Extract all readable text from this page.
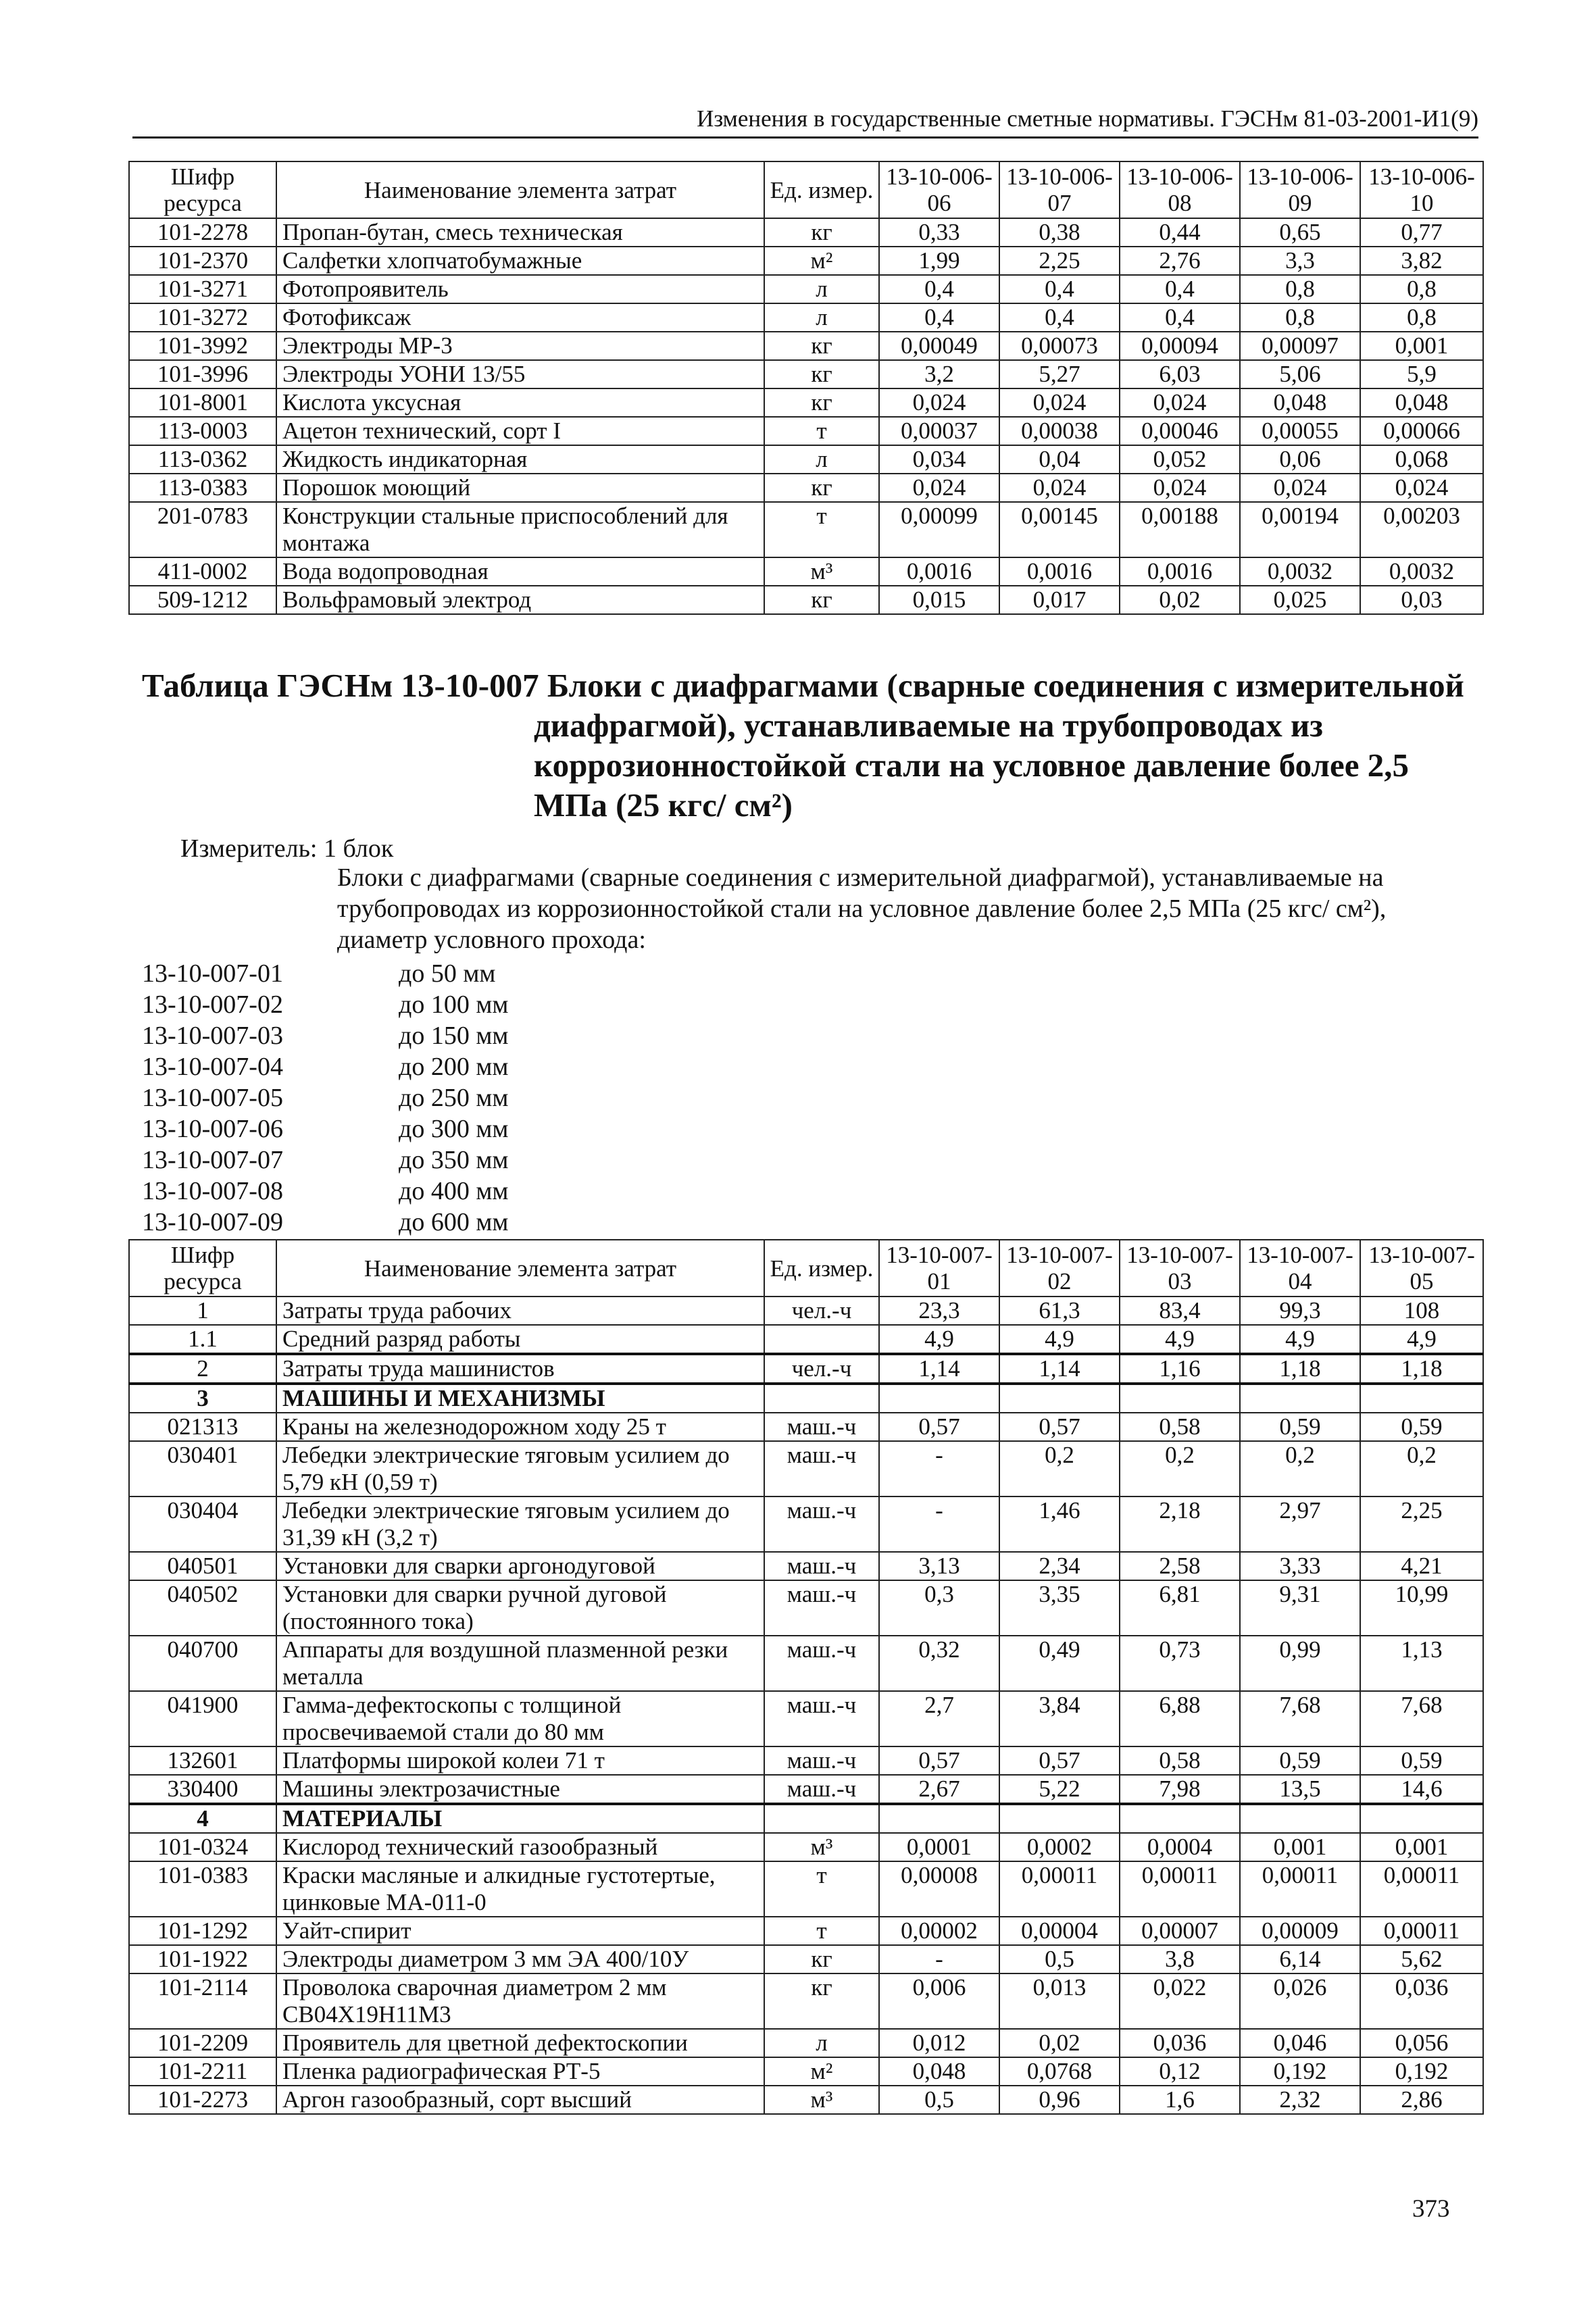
Изменения в государственные сметные нормативы. ГЭСНм 81-03-2001-И1(9)
Шифр ресурса	Наименование элемента затрат	Ед. измер.	13-10-006-06	13-10-006-07	13-10-006-08	13-10-006-09	13-10-006-10
101-2278	Пропан-бутан, смесь техническая	кг	0,33	0,38	0,44	0,65	0,77
101-2370	Салфетки хлопчатобумажные	м²	1,99	2,25	2,76	3,3	3,82
101-3271	Фотопроявитель	л	0,4	0,4	0,4	0,8	0,8
101-3272	Фотофиксаж	л	0,4	0,4	0,4	0,8	0,8
101-3992	Электроды МР-3	кг	0,00049	0,00073	0,00094	0,00097	0,001
101-3996	Электроды УОНИ 13/55	кг	3,2	5,27	6,03	5,06	5,9
101-8001	Кислота уксусная	кг	0,024	0,024	0,024	0,048	0,048
113-0003	Ацетон технический, сорт I	т	0,00037	0,00038	0,00046	0,00055	0,00066
113-0362	Жидкость индикаторная	л	0,034	0,04	0,052	0,06	0,068
113-0383	Порошок моющий	кг	0,024	0,024	0,024	0,024	0,024
201-0783	Конструкции стальные приспособлений для монтажа	т	0,00099	0,00145	0,00188	0,00194	0,00203
411-0002	Вода водопроводная	м³	0,0016	0,0016	0,0016	0,0032	0,0032
509-1212	Вольфрамовый электрод	кг	0,015	0,017	0,02	0,025	0,03
Таблица ГЭСНм 13-10-007 Блоки с диафрагмами (сварные соединения с измерительной
диафрагмой), устанавливаемые на трубопроводах из коррозионностойкой стали на условное давление более 2,5 МПа (25 кгс/ см²)
Измеритель: 1 блок
Блоки с диафрагмами (сварные соединения с измерительной диафрагмой), устанавливаемые на трубопроводах из коррозионностойкой стали на условное давление более 2,5 МПа (25 кгс/ см²), диаметр условного прохода:
13-10-007-01	до 50 мм
13-10-007-02	до 100 мм
13-10-007-03	до 150 мм
13-10-007-04	до 200 мм
13-10-007-05	до 250 мм
13-10-007-06	до 300 мм
13-10-007-07	до 350 мм
13-10-007-08	до 400 мм
13-10-007-09	до 600 мм
Шифр ресурса	Наименование элемента затрат	Ед. измер.	13-10-007-01	13-10-007-02	13-10-007-03	13-10-007-04	13-10-007-05
1	Затраты труда рабочих	чел.-ч	23,3	61,3	83,4	99,3	108
1.1	Средний разряд работы		4,9	4,9	4,9	4,9	4,9
2	Затраты труда машинистов	чел.-ч	1,14	1,14	1,16	1,18	1,18
3	МАШИНЫ И МЕХАНИЗМЫ						
021313	Краны на железнодорожном ходу 25 т	маш.-ч	0,57	0,57	0,58	0,59	0,59
030401	Лебедки электрические тяговым усилием до 5,79 кН (0,59 т)	маш.-ч	-	0,2	0,2	0,2	0,2
030404	Лебедки электрические тяговым усилием до 31,39 кН (3,2 т)	маш.-ч	-	1,46	2,18	2,97	2,25
040501	Установки для сварки аргонодуговой	маш.-ч	3,13	2,34	2,58	3,33	4,21
040502	Установки для сварки ручной дуговой (постоянного тока)	маш.-ч	0,3	3,35	6,81	9,31	10,99
040700	Аппараты для воздушной плазменной резки металла	маш.-ч	0,32	0,49	0,73	0,99	1,13
041900	Гамма-дефектоскопы с толщиной просвечиваемой стали до 80 мм	маш.-ч	2,7	3,84	6,88	7,68	7,68
132601	Платформы широкой колеи 71 т	маш.-ч	0,57	0,57	0,58	0,59	0,59
330400	Машины электрозачистные	маш.-ч	2,67	5,22	7,98	13,5	14,6
4	МАТЕРИАЛЫ						
101-0324	Кислород технический газообразный	м³	0,0001	0,0002	0,0004	0,001	0,001
101-0383	Краски масляные и алкидные густотертые, цинковые МА-011-0	т	0,00008	0,00011	0,00011	0,00011	0,00011
101-1292	Уайт-спирит	т	0,00002	0,00004	0,00007	0,00009	0,00011
101-1922	Электроды диаметром 3 мм ЭА 400/10У	кг	-	0,5	3,8	6,14	5,62
101-2114	Проволока сварочная диаметром 2 мм СВ04Х19Н11М3	кг	0,006	0,013	0,022	0,026	0,036
101-2209	Проявитель для цветной дефектоскопии	л	0,012	0,02	0,036	0,046	0,056
101-2211	Пленка радиографическая РТ-5	м²	0,048	0,0768	0,12	0,192	0,192
101-2273	Аргон газообразный, сорт высший	м³	0,5	0,96	1,6	2,32	2,86
373
